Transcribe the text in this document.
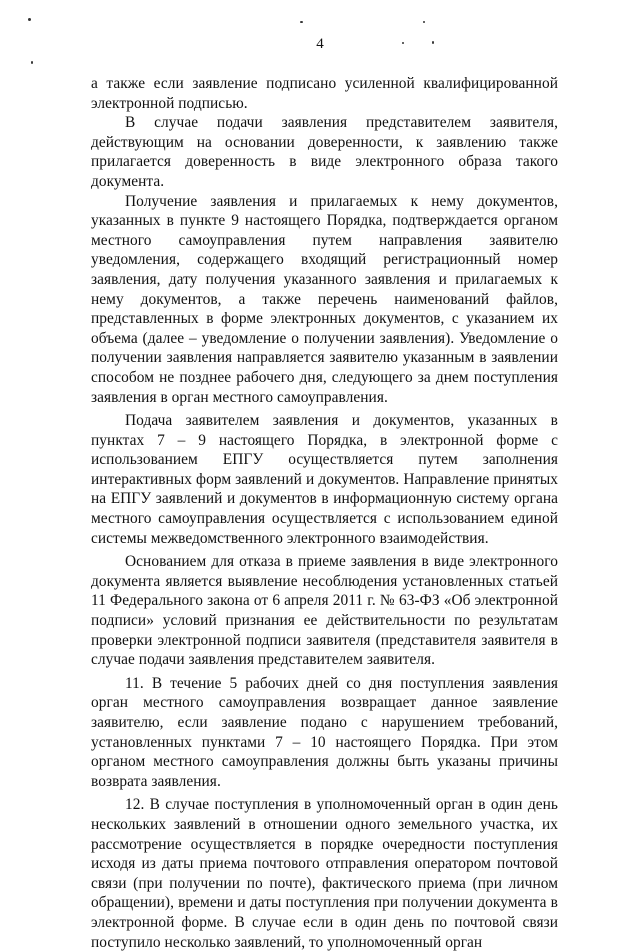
4

а также если заявление подписано усиленной квалифицированной электронной подписью.

В случае подачи заявления представителем заявителя, действующим на основании доверенности, к заявлению также прилагается доверенность в виде электронного образа такого документа.

Получение заявления и прилагаемых к нему документов, указанных в пункте 9 настоящего Порядка, подтверждается органом местного самоуправления путем направления заявителю уведомления, содержащего входящий регистрационный номер заявления, дату получения указанного заявления и прилагаемых к нему документов, а также перечень наименований файлов, представленных в форме электронных документов, с указанием их объема (далее – уведомление о получении заявления). Уведомление о получении заявления направляется заявителю указанным в заявлении способом не позднее рабочего дня, следующего за днем поступления заявления в орган местного самоуправления.

Подача заявителем заявления и документов, указанных в пунктах 7 – 9 настоящего Порядка, в электронной форме с использованием ЕПГУ осуществляется путем заполнения интерактивных форм заявлений и документов. Направление принятых на ЕПГУ заявлений и документов в информационную систему органа местного самоуправления осуществляется с использованием единой системы межведомственного электронного взаимодействия.

Основанием для отказа в приеме заявления в виде электронного документа является выявление несоблюдения установленных статьей 11 Федерального закона от 6 апреля 2011 г. № 63-ФЗ «Об электронной подписи» условий признания ее действительности по результатам проверки электронной подписи заявителя (представителя заявителя в случае подачи заявления представителем заявителя.

11. В течение 5 рабочих дней со дня поступления заявления орган местного самоуправления возвращает данное заявление заявителю, если заявление подано с нарушением требований, установленных пунктами 7 – 10 настоящего Порядка. При этом органом местного самоуправления должны быть указаны причины возврата заявления.

12. В случае поступления в уполномоченный орган в один день нескольких заявлений в отношении одного земельного участка, их рассмотрение осуществляется в порядке очередности поступления исходя из даты приема почтового отправления оператором почтовой связи (при получении по почте), фактического приема (при личном обращении), времени и даты поступления при получении документа в электронной форме. В случае если в один день по почтовой связи поступило несколько заявлений, то уполномоченный орган
